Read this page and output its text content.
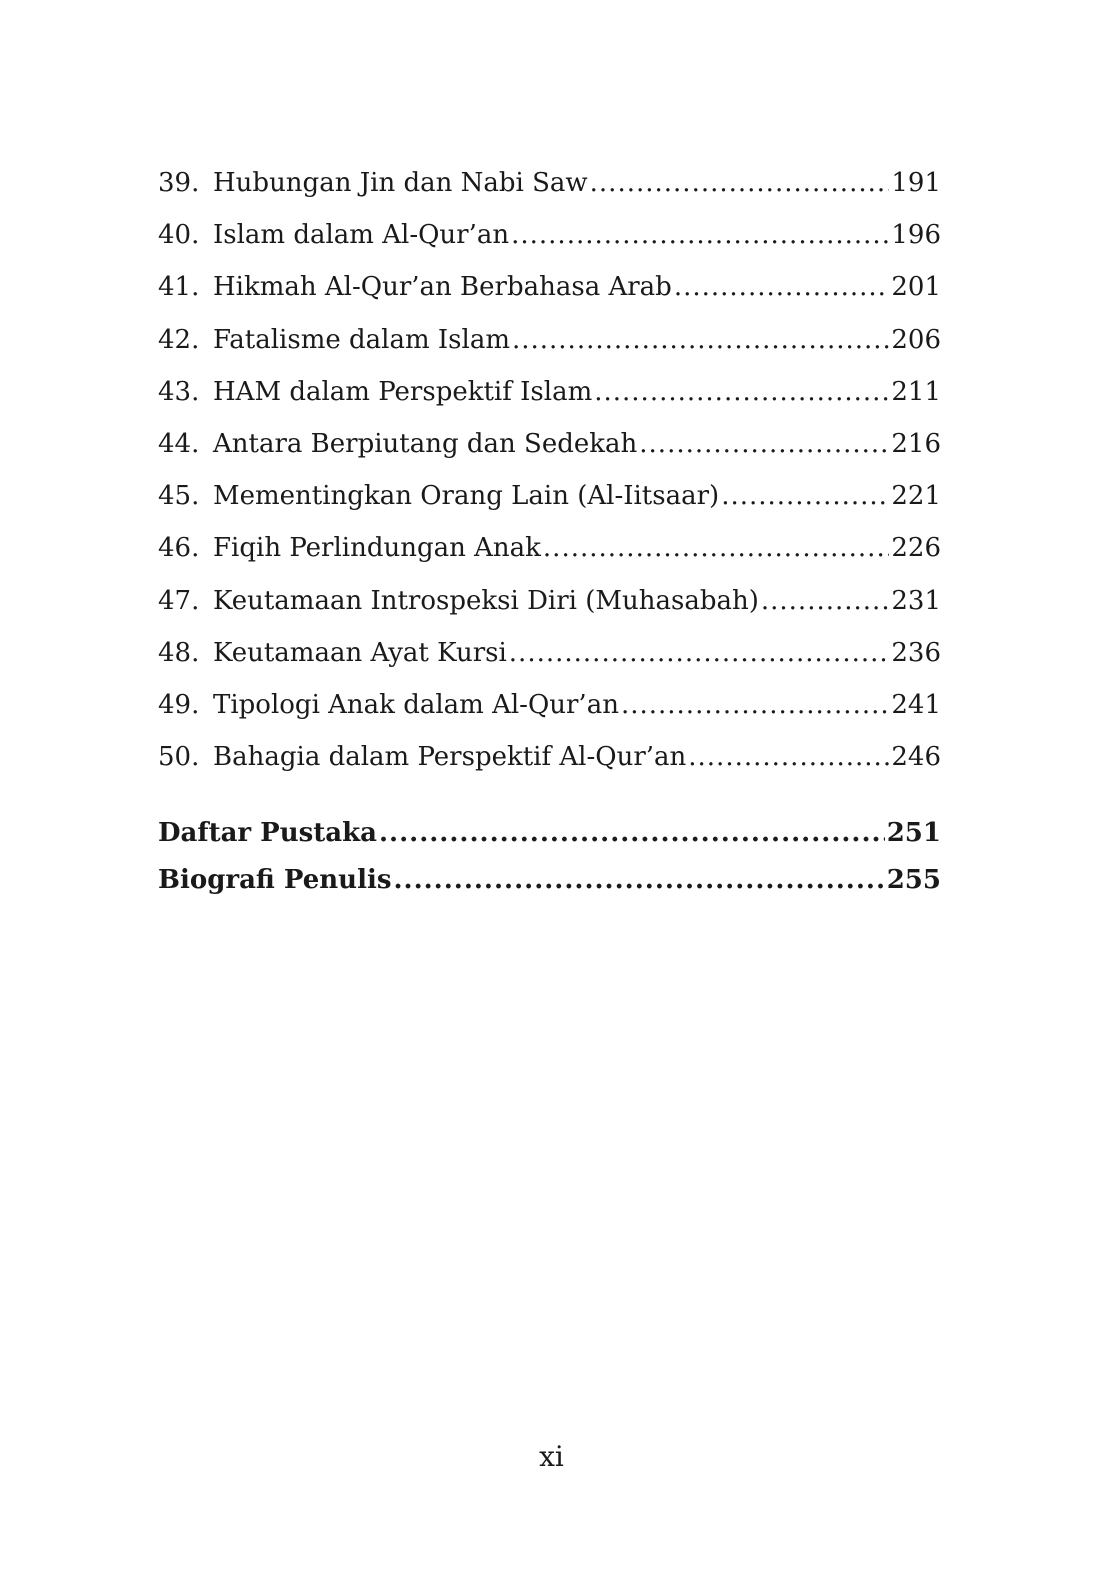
39. Hubungan Jin dan Nabi Saw .....	191
40. Islam dalam Al-Qur’an .....	196
41. Hikmah Al-Qur’an Berbahasa Arab .....	201
42. Fatalisme dalam Islam .....	206
43. HAM dalam Perspektif Islam .....	211
44. Antara Berpiutang dan Sedekah .....	216
45. Mementingkan Orang Lain (Al-Iitsaar) .....	221
46. Fiqih Perlindungan Anak .....	226
47. Keutamaan Introspeksi Diri (Muhasabah) .....	231
48. Keutamaan Ayat Kursi .....	236
49. Tipologi Anak dalam Al-Qur’an .....	241
50. Bahagia dalam Perspektif Al-Qur’an .....	246
Daftar Pustaka .....	251
Biografi Penulis .....	255
xi
